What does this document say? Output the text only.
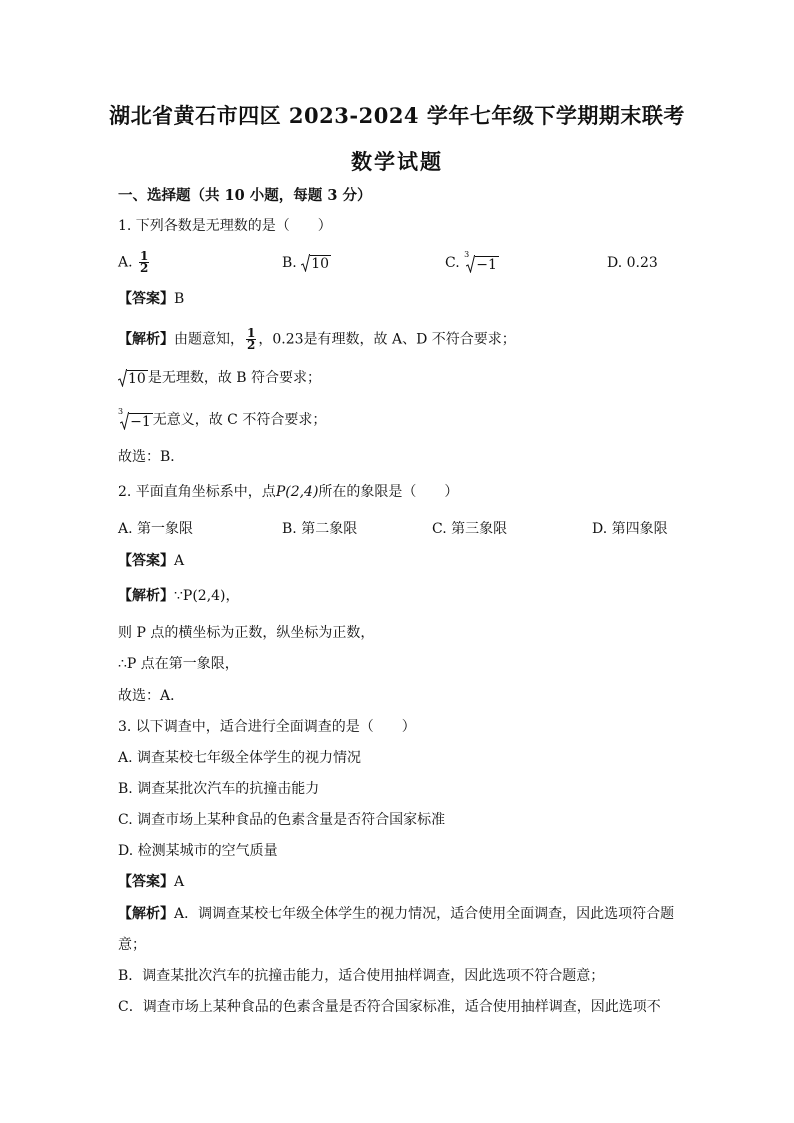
湖北省黄石市四区 2023-2024 学年七年级下学期期末联考
数学试题
一、选择题（共 10 小题，每题 3 分）
1. 下列各数是无理数的是（　　）
A. $\frac{1}{2}$	B. 10	C.
3
−1	D. 0.23
【答案】B
【解析】由题意知， $\frac{1}{2}$ ，0.23是有理数，故 A、D 不符合要求；
10 是无理数，故 B 符合要求；
3
−1 无意义，故 C 不符合要求；
故选：B．
2. 平面直角坐标系中，点P(2,4)所在的象限是（　　）
A. 第一象限	B. 第二象限	C. 第三象限	D. 第四象限
【答案】A
【解析】∵P(2,4)，
则 P 点的横坐标为正数，纵坐标为正数，
∴P 点在第一象限，
故选：A．
3. 以下调查中，适合进行全面调查的是（　　）
A. 调查某校七年级全体学生的视力情况
B. 调查某批次汽车的抗撞击能力
C. 调查市场上某种食品的色素含量是否符合国家标准
D. 检测某城市的空气质量
【答案】A
【解析】A．调调查某校七年级全体学生的视力情况，适合使用全面调查，因此选项符合题
意；
B．调查某批次汽车的抗撞击能力，适合使用抽样调查，因此选项不符合题意；
C．调查市场上某种食品的色素含量是否符合国家标准，适合使用抽样调查，因此选项不
